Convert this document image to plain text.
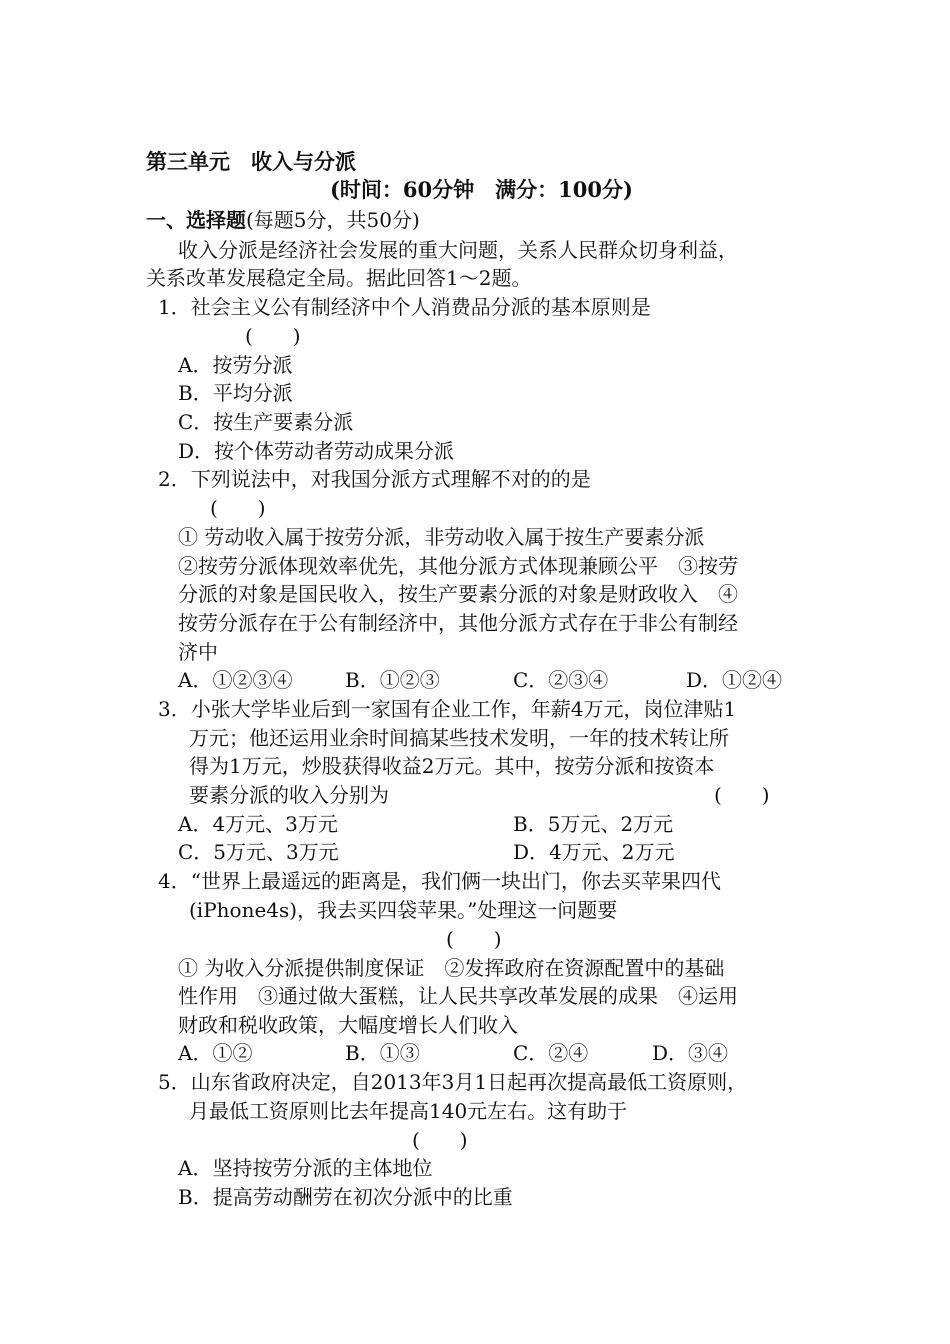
第三单元　收入与分派
(时间：60分钟　满分：100分)
一、选择题(每题5分，共50分)
收入分派是经济社会发展的重大问题，关系人民群众切身利益，
关系改革发展稳定全局。据此回答1～2题。
1．社会主义公有制经济中个人消费品分派的基本原则是
(　　)
A．按劳分派
B．平均分派
C．按生产要素分派
D．按个体劳动者劳动成果分派
2．下列说法中，对我国分派方式理解不对的的是
(　　)
① 劳动收入属于按劳分派，非劳动收入属于按生产要素分派
②按劳分派体现效率优先，其他分派方式体现兼顾公平　③按劳
分派的对象是国民收入，按生产要素分派的对象是财政收入　④
按劳分派存在于公有制经济中，其他分派方式存在于非公有制经
济中
A．①②③④	B．①②③	C．②③④	D．①②④
3．小张大学毕业后到一家国有企业工作，年薪4万元，岗位津贴1
万元；他还运用业余时间搞某些技术发明，一年的技术转让所
得为1万元，炒股获得收益2万元。其中，按劳分派和按资本
要素分派的收入分别为	(　　)
A．4万元、3万元	B．5万元、2万元
C．5万元、3万元	D．4万元、2万元
4．“世界上最遥远的距离是，我们俩一块出门，你去买苹果四代
(iPhone4s)，我去买四袋苹果。”处理这一问题要
(　　)
① 为收入分派提供制度保证　②发挥政府在资源配置中的基础
性作用　③通过做大蛋糕，让人民共享改革发展的成果　④运用
财政和税收政策，大幅度增长人们收入
A．①②	B．①③	C．②④	D．③④
5．山东省政府决定，自2013年3月1日起再次提高最低工资原则，
月最低工资原则比去年提高140元左右。这有助于
(　　)
A．坚持按劳分派的主体地位
B．提高劳动酬劳在初次分派中的比重
